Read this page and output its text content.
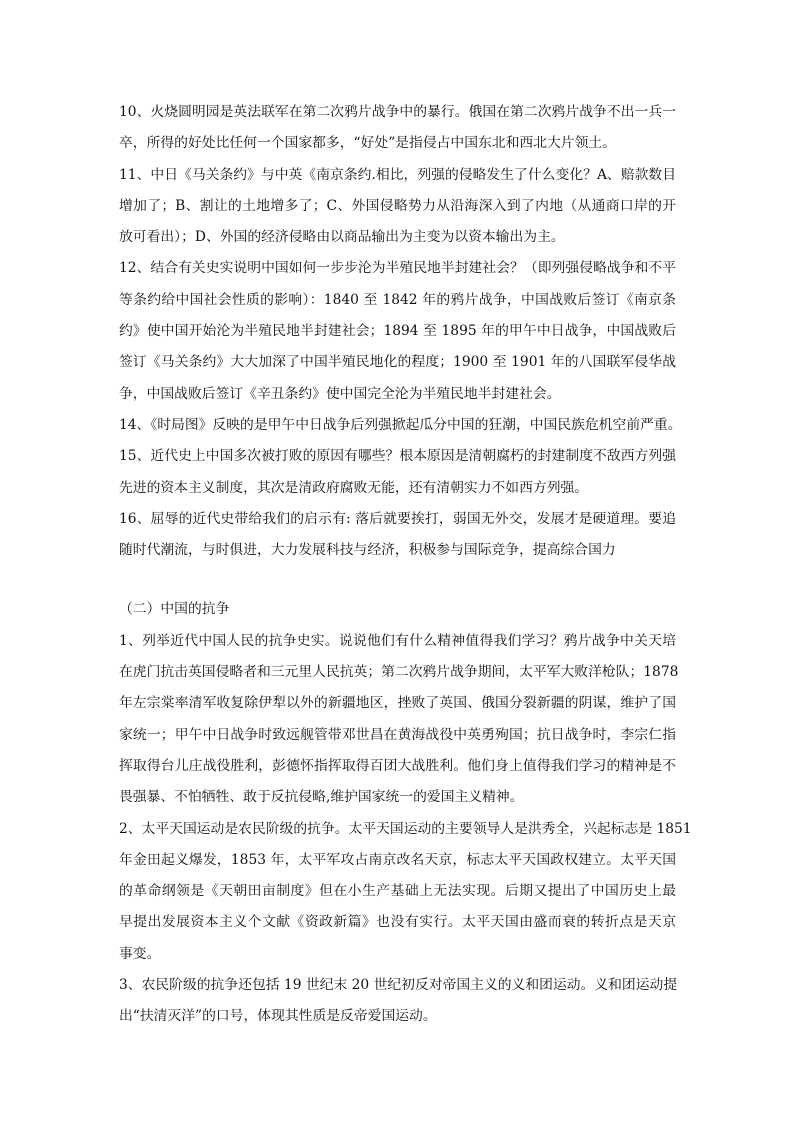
10、火烧圆明园是英法联军在第二次鸦片战争中的暴行。俄国在第二次鸦片战争不出一兵一
卒，所得的好处比任何一个国家都多，“好处”是指侵占中国东北和西北大片领土。

11、中日《马关条约》与中英《南京条约.相比，列强的侵略发生了什么变化？A、赔款数目
增加了；B、割让的土地增多了；C、外国侵略势力从沿海深入到了内地（从通商口岸的开
放可看出）；D、外国的经济侵略由以商品输出为主变为以资本输出为主。

12、结合有关史实说明中国如何一步步沦为半殖民地半封建社会？（即列强侵略战争和不平
等条约给中国社会性质的影响）：1840 至 1842 年的鸦片战争，中国战败后签订《南京条
约》使中国开始沦为半殖民地半封建社会；1894 至 1895 年的甲午中日战争，中国战败后
签订《马关条约》大大加深了中国半殖民地化的程度；1900 至 1901 年的八国联军侵华战
争，中国战败后签订《辛丑条约》使中国完全沦为半殖民地半封建社会。

14、《时局图》反映的是甲午中日战争后列强掀起瓜分中国的狂潮，中国民族危机空前严重。

15、近代史上中国多次被打败的原因有哪些？根本原因是清朝腐朽的封建制度不敌西方列强
先进的资本主义制度，其次是清政府腐败无能，还有清朝实力不如西方列强。

16、屈辱的近代史带给我们的启示有: 落后就要挨打，弱国无外交，发展才是硬道理。要追
随时代潮流，与时俱进，大力发展科技与经济，积极参与国际竞争，提高综合国力

（二）中国的抗争

1、列举近代中国人民的抗争史实。说说他们有什么精神值得我们学习？鸦片战争中关天培
在虎门抗击英国侵略者和三元里人民抗英；第二次鸦片战争期间，太平军大败洋枪队；1878
年左宗棠率清军收复除伊犁以外的新疆地区，挫败了英国、俄国分裂新疆的阴谋，维护了国
家统一；甲午中日战争时致远舰管带邓世昌在黄海战役中英勇殉国；抗日战争时，李宗仁指
挥取得台儿庄战役胜利，彭德怀指挥取得百团大战胜利。他们身上值得我们学习的精神是不
畏强暴、不怕牺牲、敢于反抗侵略,维护国家统一的爱国主义精神。

2、太平天国运动是农民阶级的抗争。太平天国运动的主要领导人是洪秀全，兴起标志是 1851
年金田起义爆发，1853 年，太平军攻占南京改名天京，标志太平天国政权建立。太平天国
的革命纲领是《天朝田亩制度》但在小生产基础上无法实现。后期又提出了中国历史上最
早提出发展资本主义个文献《资政新篇》也没有实行。太平天国由盛而衰的转折点是天京
事变。

3、农民阶级的抗争还包括 19 世纪末 20 世纪初反对帝国主义的义和团运动。义和团运动提
出“扶清灭洋”的口号，体现其性质是反帝爱国运动。
